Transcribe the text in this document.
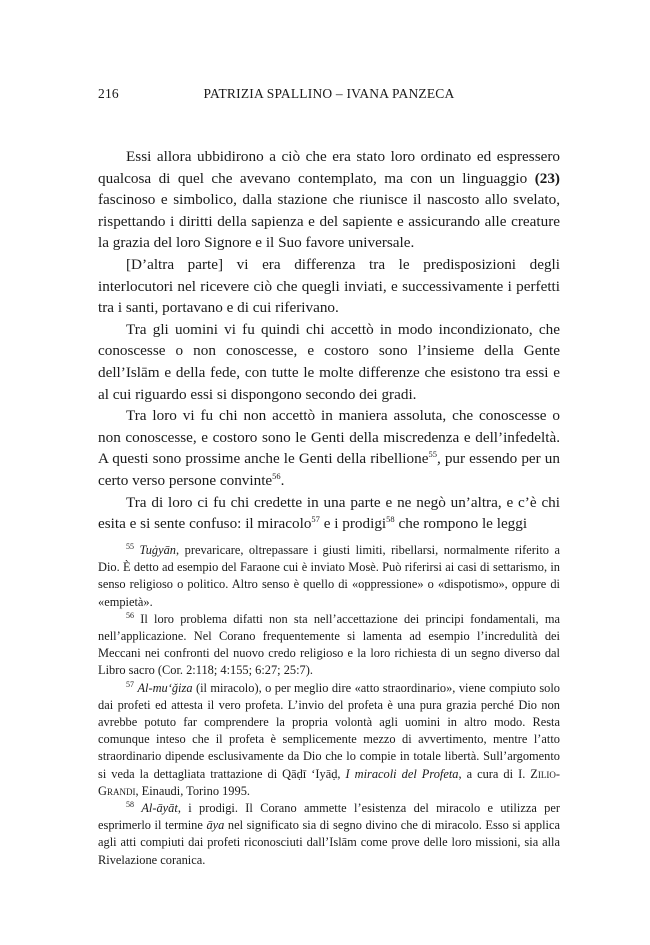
216	PATRIZIA SPALLINO – IVANA PANZECA

Essi allora ubbidirono a ciò che era stato loro ordinato ed espressero qualcosa di quel che avevano contemplato, ma con un linguaggio (23) fascinoso e simbolico, dalla stazione che riunisce il nascosto allo svelato, rispettando i diritti della sapienza e del sapiente e assicurando alle creature la grazia del loro Signore e il Suo favore universale.

[D’altra parte] vi era differenza tra le predisposizioni degli interlocutori nel ricevere ciò che quegli inviati, e successivamente i perfetti tra i santi, portavano e di cui riferivano.

Tra gli uomini vi fu quindi chi accettò in modo incondizionato, che conoscesse o non conoscesse, e costoro sono l’insieme della Gente dell’Islām e della fede, con tutte le molte differenze che esistono tra essi e al cui riguardo essi si dispongono secondo dei gradi.

Tra loro vi fu chi non accettò in maniera assoluta, che conoscesse o non conoscesse, e costoro sono le Genti della miscredenza e dell’infedeltà. A questi sono prossime anche le Genti della ribellione$^{55}$, pur essendo per un certo verso persone convinte$^{56}$.

Tra di loro ci fu chi credette in una parte e ne negò un’altra, e c’è chi esita e si sente confuso: il miracolo$^{57}$ e i prodigi$^{58}$ che rompono le leggi

$^{55}$ Tuġyān, prevaricare, oltrepassare i giusti limiti, ribellarsi, normalmente riferito a Dio. È detto ad esempio del Faraone cui è inviato Mosè. Può riferirsi ai casi di settarismo, in senso religioso o politico. Altro senso è quello di «oppressione» o «dispotismo», oppure di «empietà».

$^{56}$ Il loro problema difatti non sta nell’accettazione dei principi fondamentali, ma nell’applicazione. Nel Corano frequentemente si lamenta ad esempio l’incredulità dei Meccani nei confronti del nuovo credo religioso e la loro richiesta di un segno diverso dal Libro sacro (Cor. 2:118; 4:155; 6:27; 25:7).

$^{57}$ Al-mu‘ǧiza (il miracolo), o per meglio dire «atto straordinario», viene compiuto solo dai profeti ed attesta il vero profeta. L’invio del profeta è una pura grazia perché Dio non avrebbe potuto far comprendere la propria volontà agli uomini in altro modo. Resta comunque inteso che il profeta è semplicemente mezzo di avvertimento, mentre l’atto straordinario dipende esclusivamente da Dio che lo compie in totale libertà. Sull’argomento si veda la dettagliata trattazione di Qāḍī ‘Iyāḍ, I miracoli del Profeta, a cura di I. Zilio-Grandi, Einaudi, Torino 1995.

$^{58}$ Al-āyāt, i prodigi. Il Corano ammette l’esistenza del miracolo e utilizza per esprimerlo il termine āya nel significato sia di segno divino che di miracolo. Esso si applica agli atti compiuti dai profeti riconosciuti dall’Islām come prove delle loro missioni, sia alla Rivelazione coranica.
